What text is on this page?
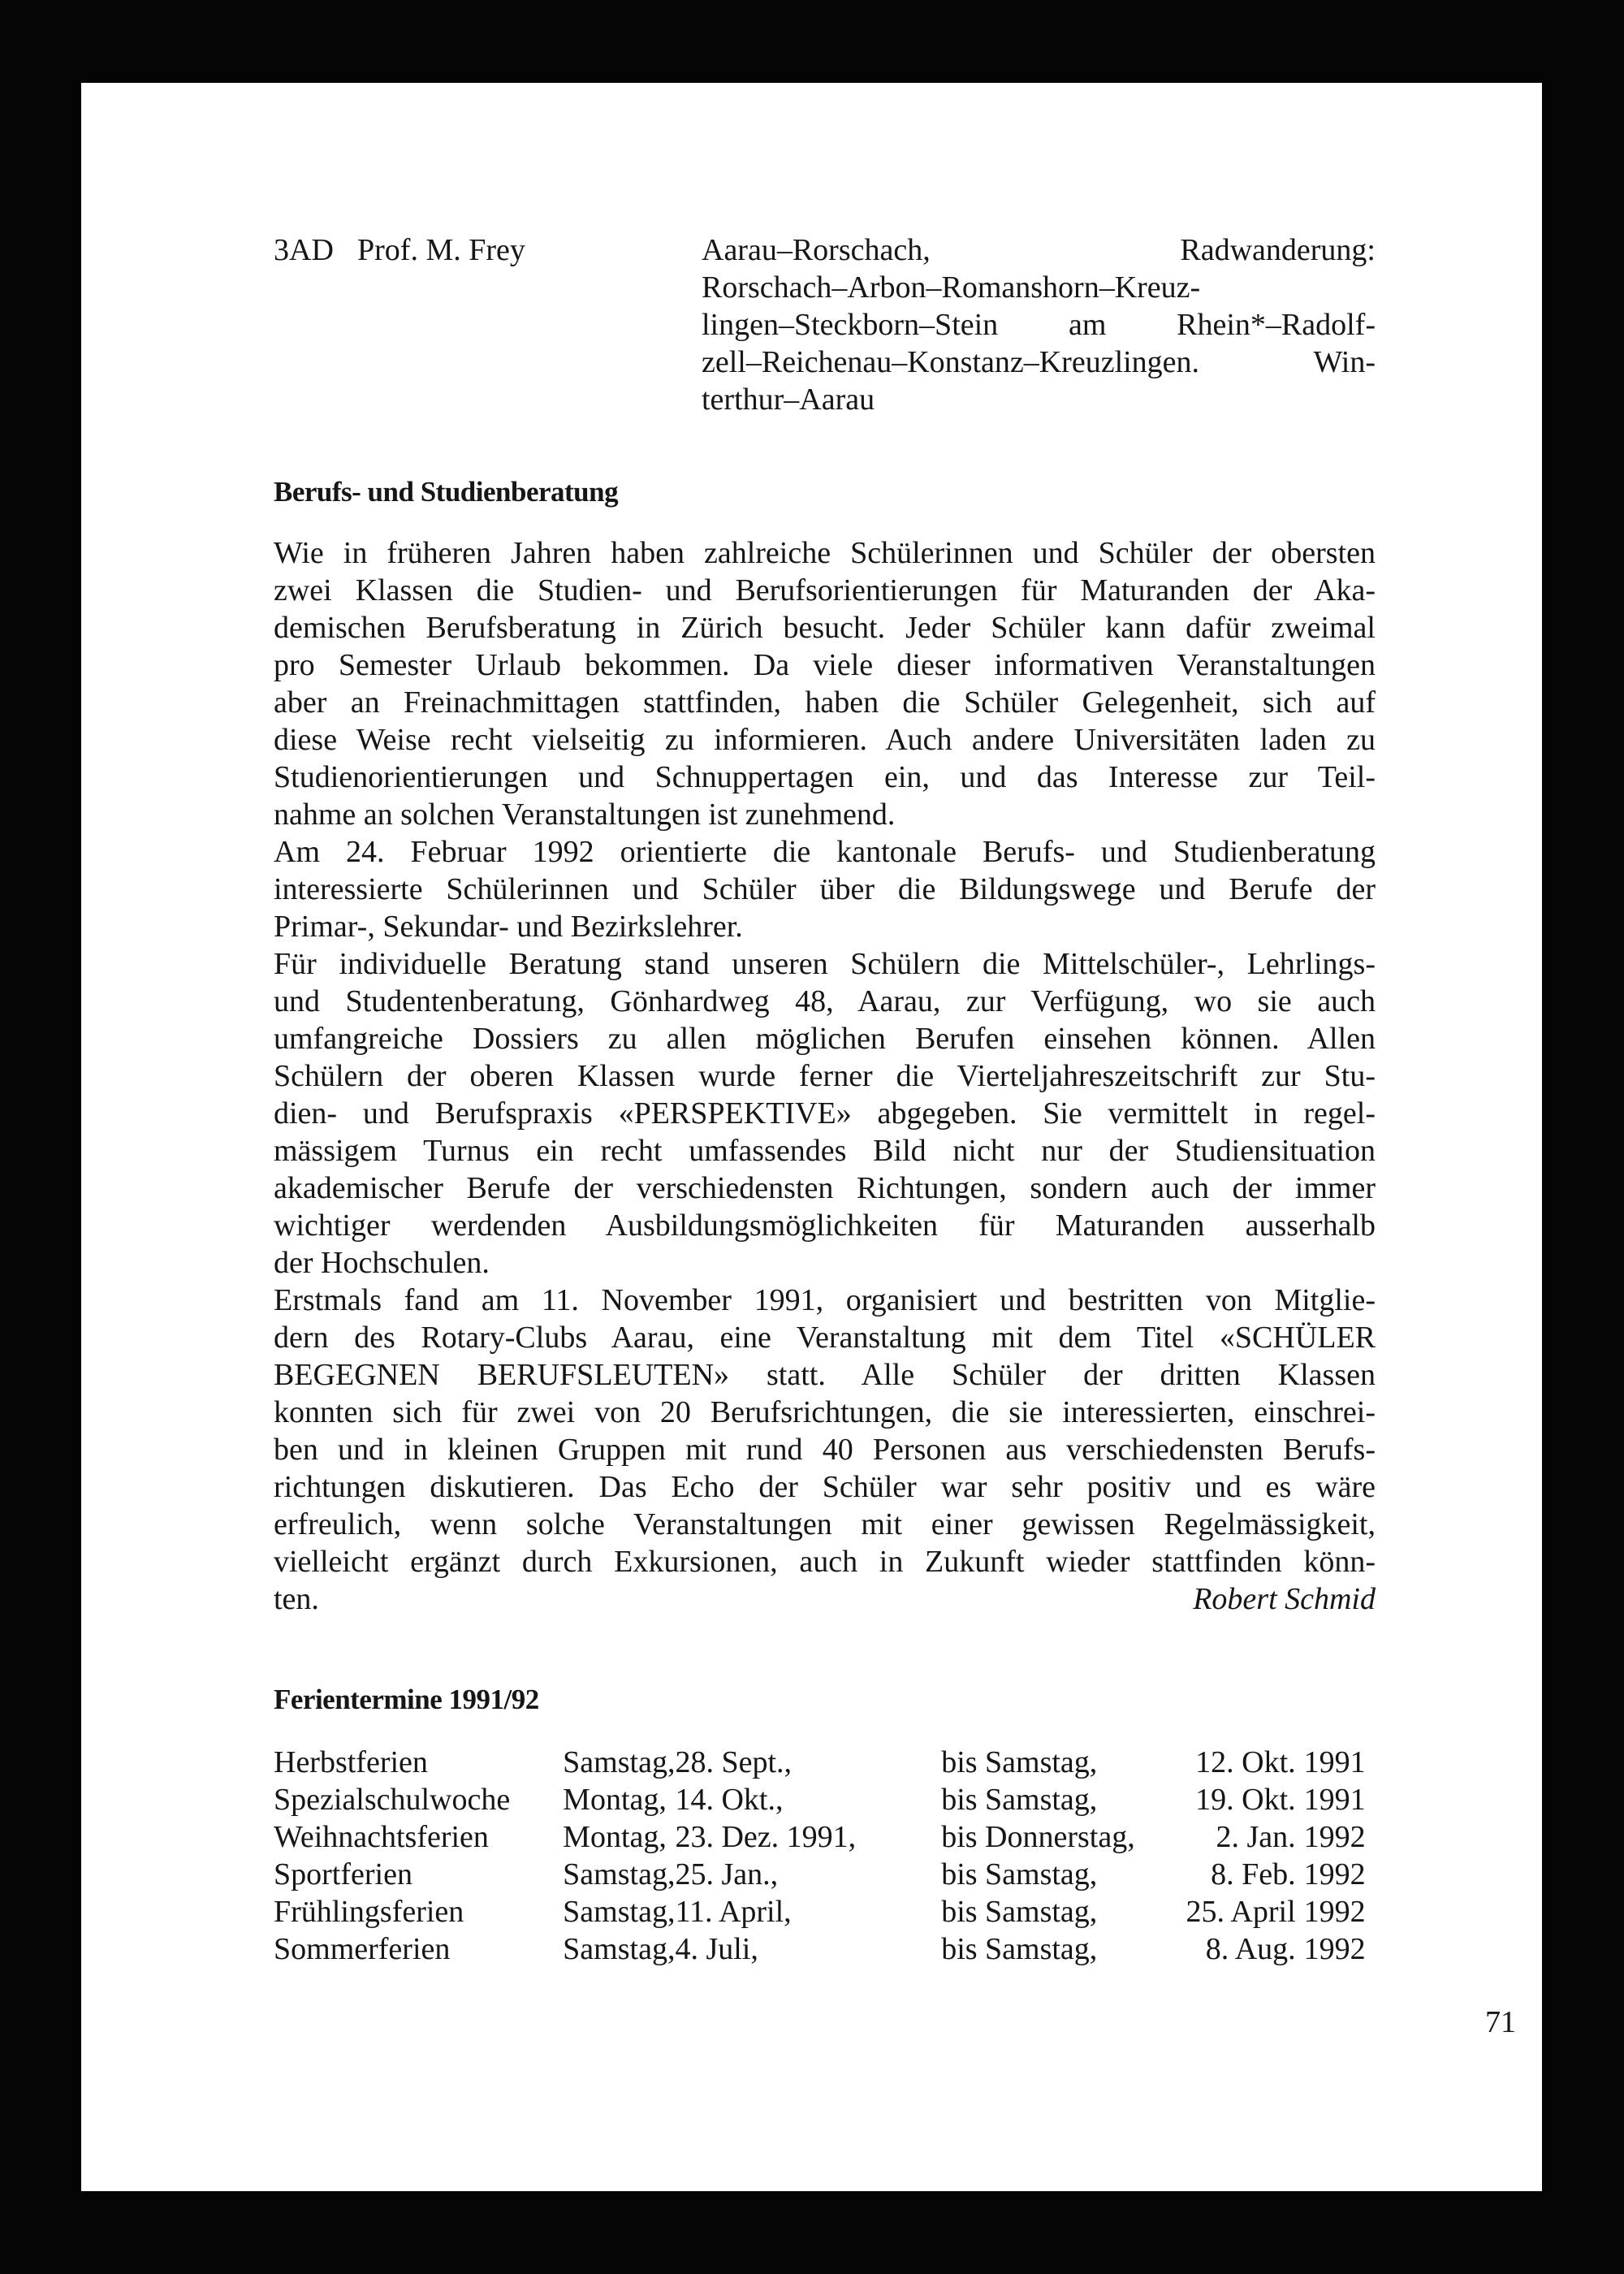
3AD Prof. M. Frey	Aarau–Rorschach, Radwanderung:
Rorschach–Arbon–Romanshorn–Kreuz-
lingen–Steckborn–Stein am Rhein*–Radolf-
zell–Reichenau–Konstanz–Kreuzlingen. Win-
terthur–Aarau
Berufs- und Studienberatung
Wie in früheren Jahren haben zahlreiche Schülerinnen und Schüler der obersten
zwei Klassen die Studien- und Berufsorientierungen für Maturanden der Aka-
demischen Berufsberatung in Zürich besucht. Jeder Schüler kann dafür zweimal
pro Semester Urlaub bekommen. Da viele dieser informativen Veranstaltungen
aber an Freinachmittagen stattfinden, haben die Schüler Gelegenheit, sich auf
diese Weise recht vielseitig zu informieren. Auch andere Universitäten laden zu
Studienorientierungen und Schnuppertagen ein, und das Interesse zur Teil-
nahme an solchen Veranstaltungen ist zunehmend.
Am 24. Februar 1992 orientierte die kantonale Berufs- und Studienberatung
interessierte Schülerinnen und Schüler über die Bildungswege und Berufe der
Primar-, Sekundar- und Bezirkslehrer.
Für individuelle Beratung stand unseren Schülern die Mittelschüler-, Lehrlings-
und Studentenberatung, Gönhardweg 48, Aarau, zur Verfügung, wo sie auch
umfangreiche Dossiers zu allen möglichen Berufen einsehen können. Allen
Schülern der oberen Klassen wurde ferner die Vierteljahreszeitschrift zur Stu-
dien- und Berufspraxis «PERSPEKTIVE» abgegeben. Sie vermittelt in regel-
mässigem Turnus ein recht umfassendes Bild nicht nur der Studiensituation
akademischer Berufe der verschiedensten Richtungen, sondern auch der immer
wichtiger werdenden Ausbildungsmöglichkeiten für Maturanden ausserhalb
der Hochschulen.
Erstmals fand am 11. November 1991, organisiert und bestritten von Mitglie-
dern des Rotary-Clubs Aarau, eine Veranstaltung mit dem Titel «SCHÜLER
BEGEGNEN BERUFSLEUTEN» statt. Alle Schüler der dritten Klassen
konnten sich für zwei von 20 Berufsrichtungen, die sie interessierten, einschrei-
ben und in kleinen Gruppen mit rund 40 Personen aus verschiedensten Berufs-
richtungen diskutieren. Das Echo der Schüler war sehr positiv und es wäre
erfreulich, wenn solche Veranstaltungen mit einer gewissen Regelmässigkeit,
vielleicht ergänzt durch Exkursionen, auch in Zukunft wieder stattfinden könn-
ten.	Robert Schmid
Ferientermine 1991/92
Herbstferien	Samstag,	28. Sept.,	bis Samstag,	12. Okt.	1991
Spezialschulwoche	Montag,	14. Okt.,	bis Samstag,	19. Okt.	1991
Weihnachtsferien	Montag,	23. Dez. 1991,	bis Donnerstag,	2. Jan.	1992
Sportferien	Samstag,	25. Jan.,	bis Samstag,	8. Feb.	1992
Frühlingsferien	Samstag,	11. April,	bis Samstag,	25. April	1992
Sommerferien	Samstag,	4. Juli,	bis Samstag,	8. Aug.	1992
71
